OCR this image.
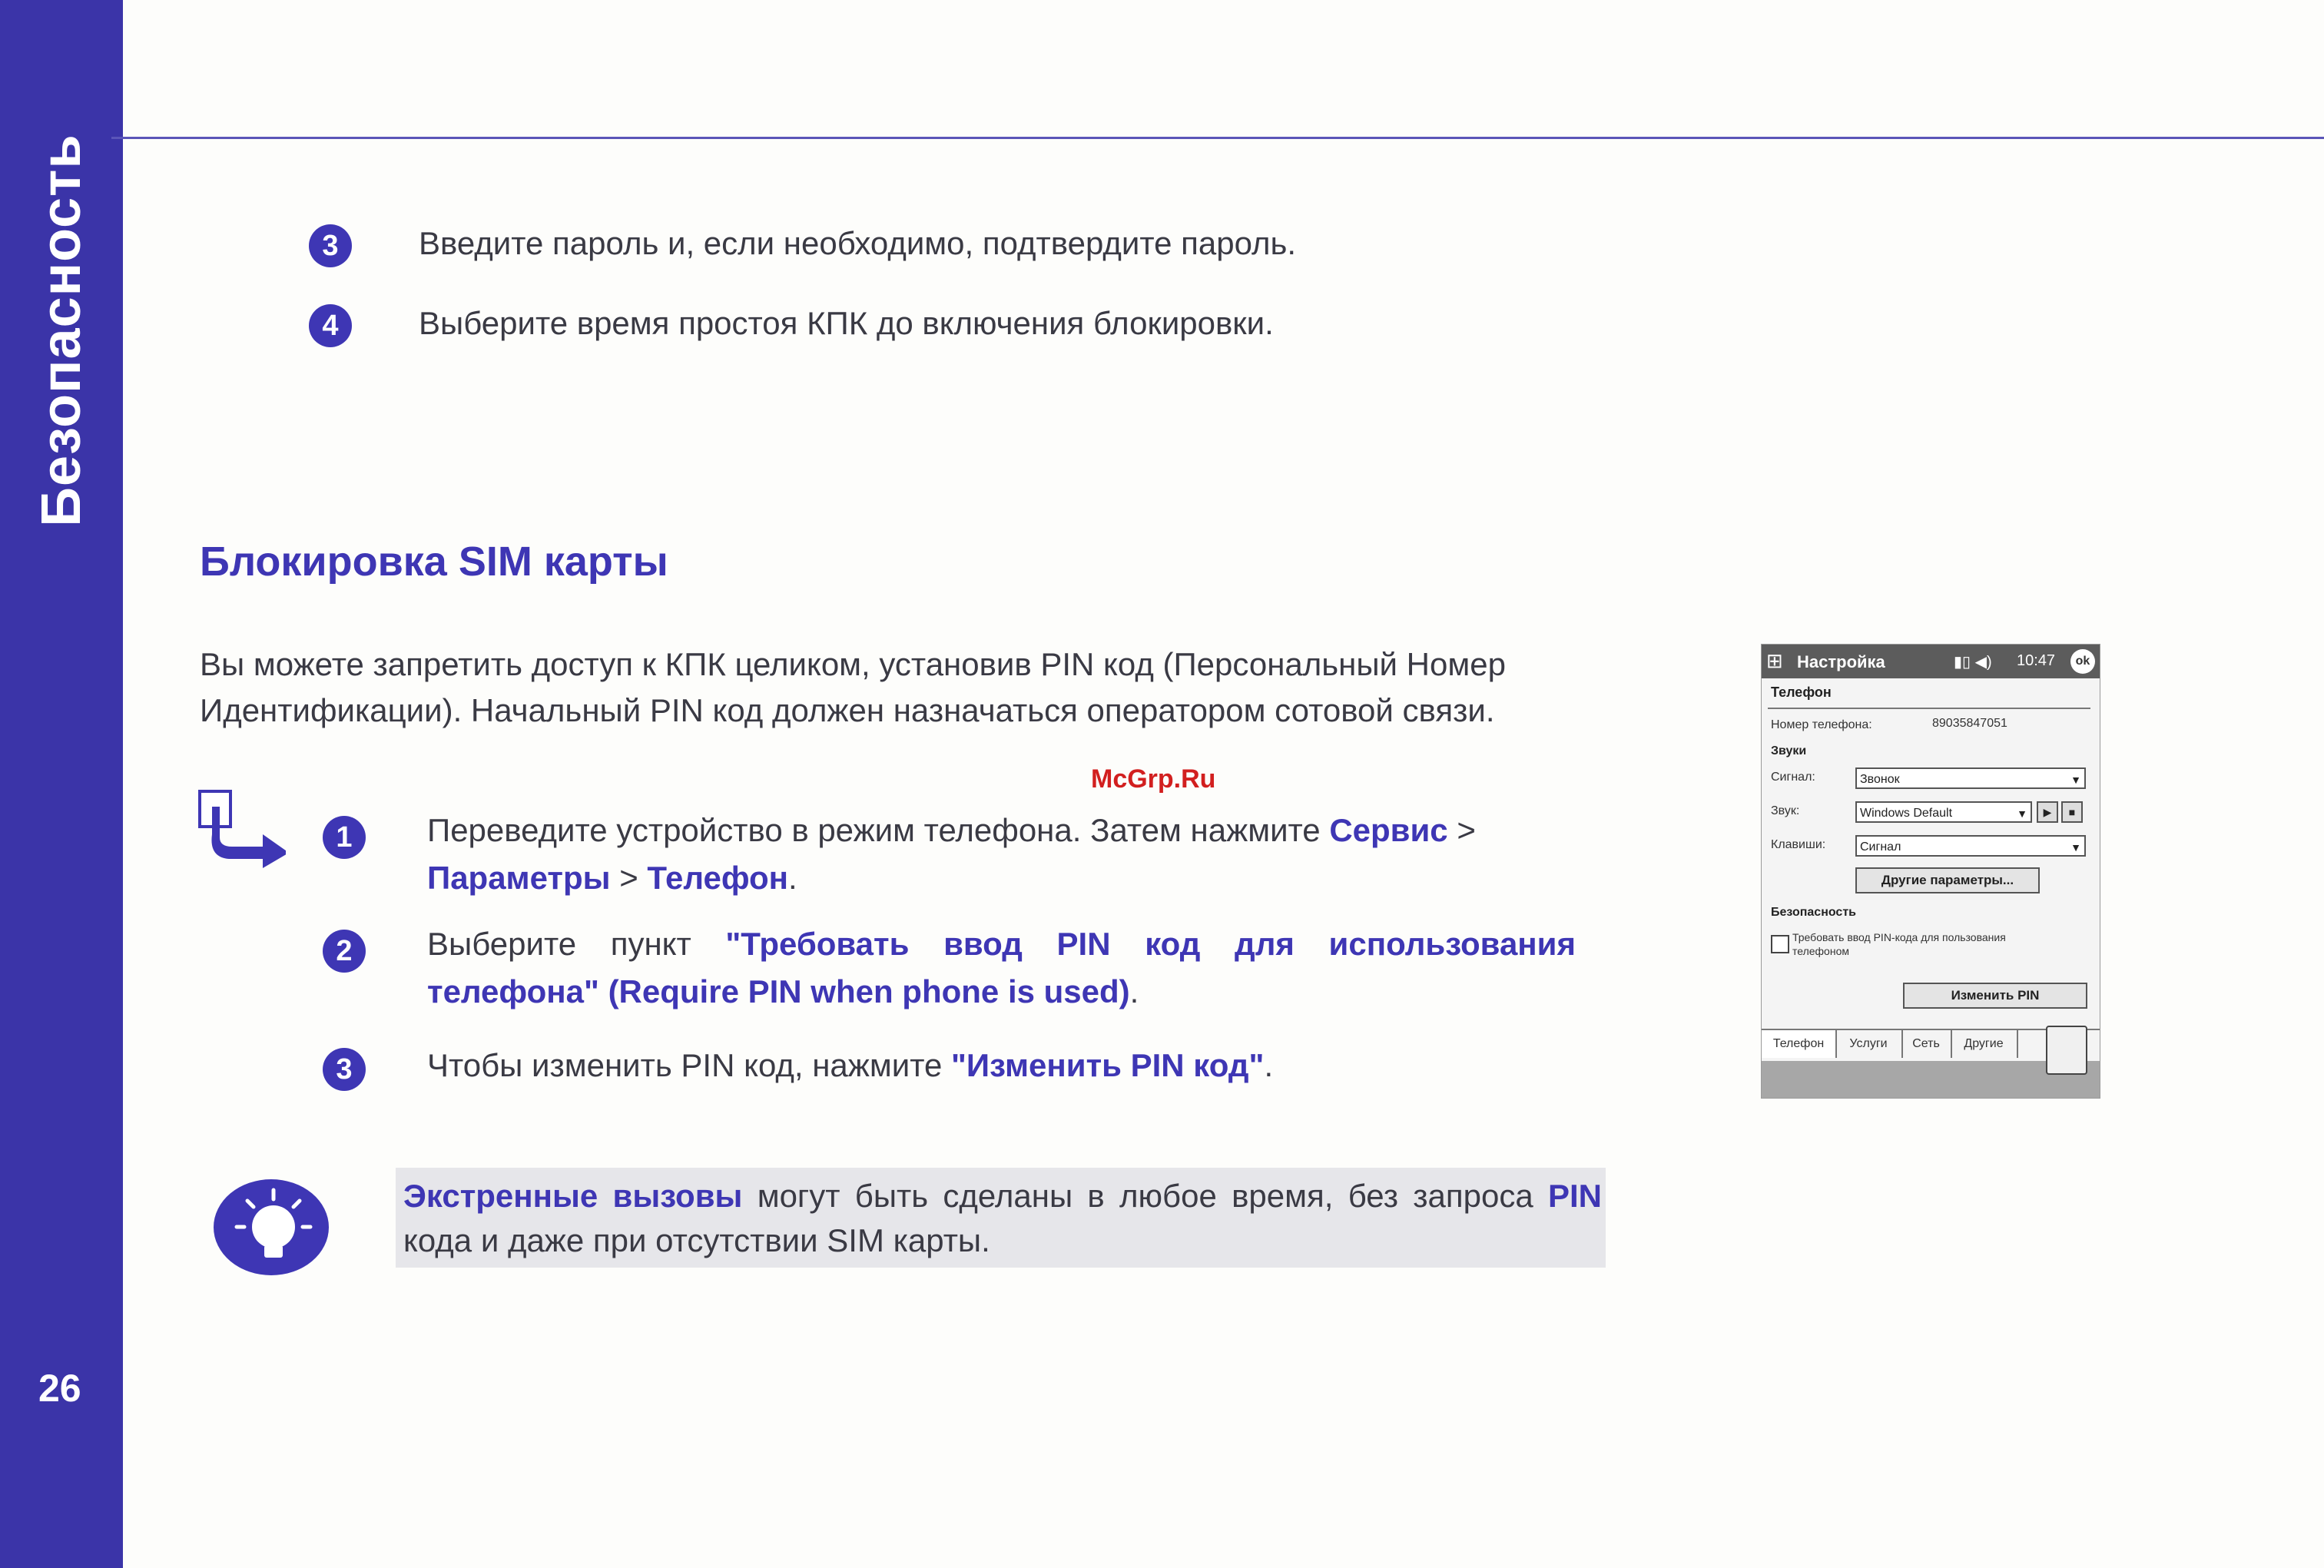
Безопасность
26
3	Введите пароль и, если необходимо, подтвердите пароль.
4	Выберите время простоя КПК до включения блокировки.
Блокировка SIM карты
Вы можете запретить доступ к КПК целиком, установив PIN код (Персональный Номер
Идентификации). Начальный PIN код должен назначаться оператором сотовой связи.
McGrp.Ru
1	Переведите устройство в режим телефона. Затем нажмите Сервис >
Параметры > Телефон.
2	Выберите пункт "Требовать ввод PIN код для использования телефона" (Require PIN when phone is used).
3	Чтобы изменить PIN код, нажмите "Изменить PIN код".
Экстренные вызовы могут быть сделаны в любое время, без запроса PIN кода и даже при отсутствии SIM карты.
⊞ Настройка	▮▯ ◀) 10:47	ok
Телефон
Номер телефона:	89035847051
Звуки
Сигнал:	Звонок	▼
Звук:	Windows Default	▼	▶	■
Клавиши:	Сигнал	▼
Другие параметры...
Безопасность
Требовать ввод PIN-кода для пользования телефоном
Изменить PIN
Телефон	Услуги	Сеть	Другие
